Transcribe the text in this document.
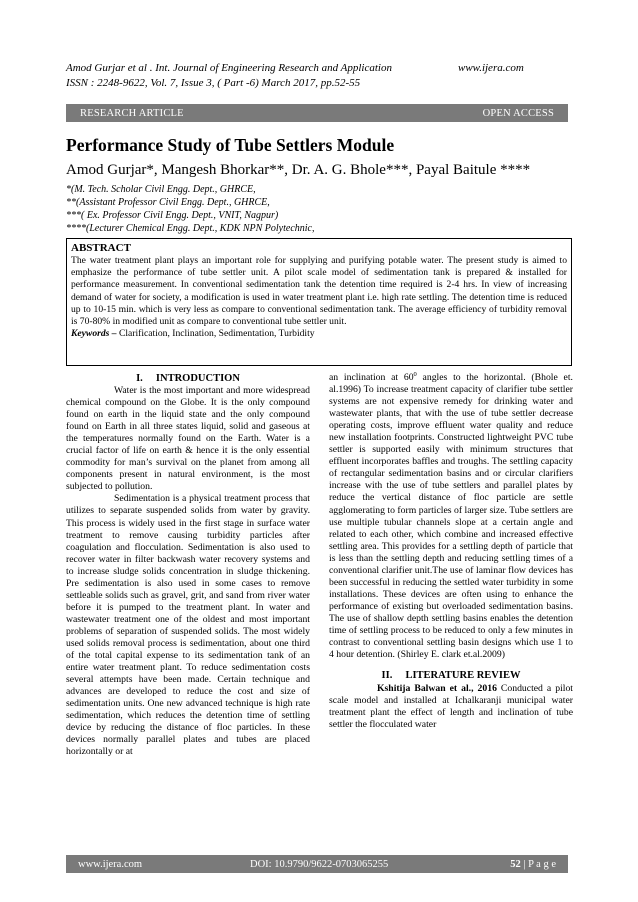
Amod Gurjar et al . Int. Journal of Engineering Research and Application	www.ijera.com
ISSN : 2248-9622, Vol. 7, Issue 3, ( Part -6) March 2017, pp.52-55
RESEARCH ARTICLE	OPEN ACCESS
Performance Study of Tube Settlers Module
Amod Gurjar*, Mangesh Bhorkar**, Dr. A. G. Bhole***, Payal Baitule ****
*(M. Tech. Scholar Civil Engg. Dept., GHRCE,
**(Assistant Professor Civil Engg. Dept., GHRCE,
***( Ex. Professor Civil Engg. Dept., VNIT, Nagpur)
****(Lecturer Chemical Engg. Dept., KDK NPN Polytechnic,
ABSTRACT
The water treatment plant plays an important role for supplying and purifying potable water. The present study is aimed to emphasize the performance of tube settler unit. A pilot scale model of sedimentation tank is prepared & installed for performance measurement. In conventional sedimentation tank the detention time required is 2-4 hrs. In view of increasing demand of water for society, a modification is used in water treatment plant i.e. high rate settling. The detention time is reduced up to 10-15 min. which is very less as compare to conventional sedimentation tank. The average efficiency of turbidity removal is 70-80% in modified unit as compare to conventional tube settler unit.
Keywords – Clarification, Inclination, Sedimentation, Turbidity
I.     INTRODUCTION

Water is the most important and more widespread chemical compound on the Globe. It is the only compound found on earth in the liquid state and the only compound found on Earth in all three states liquid, solid and gaseous at the temperatures normally found on the Earth. Water is a crucial factor of life on earth & hence it is the only essential commodity for man’s survival on the planet from among all components present in natural environment, is the most subjected to pollution.

Sedimentation is a physical treatment process that utilizes to separate suspended solids from water by gravity. This process is widely used in the first stage in surface water treatment to remove causing turbidity particles after coagulation and flocculation. Sedimentation is also used to recover water in filter backwash water recovery systems and to increase sludge solids concentration in sludge thickening. Pre sedimentation is also used in some cases to remove settleable solids such as gravel, grit, and sand from river water before it is pumped to the treatment plant. In water and wastewater treatment one of the oldest and most important problems of separation of suspended solids. The most widely used solids removal process is sedimentation, about one third of the total capital expense to its sedimentation tank of an entire water treatment plant. To reduce sedimentation costs several attempts have been made. Certain technique and advances are developed to reduce the cost and size of sedimentation units. One new advanced technique is high rate sedimentation, which reduces the detention time of settling device by reducing the distance of floc particles. In these devices normally parallel plates and tubes are placed horizontally or at

an inclination at $60^0$ angles to the horizontal. (Bhole et. al.1996) To increase treatment capacity of clarifier tube settler systems are not expensive remedy for drinking water and wastewater plants, that with the use of tube settler decrease operating costs, improve effluent water quality and reduce new installation footprints. Constructed lightweight PVC tube settler is supported easily with minimum structures that effluent incorporates baffles and troughs. The settling capacity of rectangular sedimentation basins and or circular clarifiers increase with the use of tube settlers and parallel plates by reduce the vertical distance of floc particle are settle agglomerating to form particles of larger size. Tube settlers are use multiple tubular channels slope at a certain angle and related to each other, which combine and increased effective settling area. This provides for a settling depth of particle that is less than the settling depth and reducing settling times of a conventional clarifier unit.The use of laminar flow devices has been successful in reducing the settled water turbidity in some installations. These devices are often using to enhance the performance of existing but overloaded sedimentation basins. The use of shallow depth settling basins enables the detention time of settling process to be reduced to only a few minutes in contrast to conventional settling basin designs which use 1 to 4 hour detention. (Shirley E. clark et.al.2009)

II.     LITERATURE REVIEW

Kshitija Balwan et al., 2016 Conducted a pilot scale model and installed at Ichalkaranji municipal water treatment plant the effect of length and inclination of tube settler the flocculated water

www.ijera.com	DOI: 10.9790/9622-0703065255	52 | P a g e
